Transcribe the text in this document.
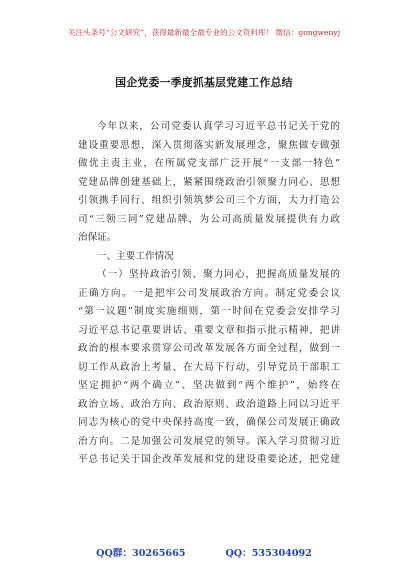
关注头条号“公文研究”，获得最新最全最专业的公文资料库！ 微信：gongwenyj
国企党委一季度抓基层党建工作总结
今年以来，公司党委认真学习习近平总书记关于党的
建设重要思想，深入贯彻落实新发展理念，聚焦做专做强
做优主责主业，在所属党支部广泛开展“一支部一特色”
党建品牌创建基础上，紧紧围绕政治引领聚力同心、思想
引领携手同行、组织引领筑梦公司三个方面，大力打造公
司“三领三同”党建品牌，为公司高质量发展提供有力政
治保证。
一、主要工作情况
（一）坚持政治引领、聚力同心，把握高质量发展的
正确方向。一是把牢公司发展政治方向。制定党委会议
“第一议题”制度实施细则，第一时间在党委会安排学习
习近平总书记重要讲话、重要文章和指示批示精神，把讲
政治的根本要求贯穿公司改革发展各方面全过程，做到一
切工作从政治上考量、在大局下行动，引导党员干部职工
坚定拥护“两个确立”、坚决做到“两个维护”，始终在
政治立场、政治方向、政治原则、政治道路上同以习近平
同志为核心的党中央保持高度一致，确保公司发展正确政
治方向。二是加强公司发展党的领导。深入学习贯彻习近
平总书记关于国企改革发展和党的建设重要论述，把党建
QQ群：30265665	QQ：535304092
